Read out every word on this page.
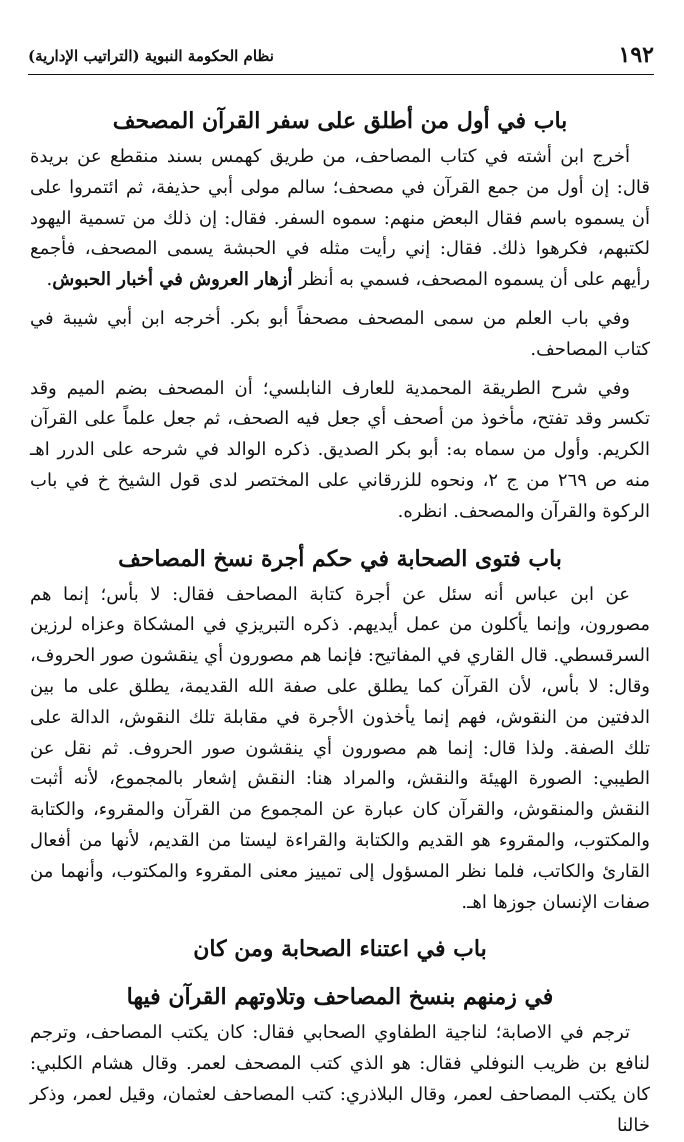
١٩٢
نظام الحكومة النبوية (التراتيب الإدارية)
باب في أول من أطلق على سفر القرآن المصحف

أخرج ابن أشته في كتاب المصاحف، من طريق كهمس بسند منقطع عن بريدة قال: إن أول من جمع القرآن في مصحف؛ سالم مولى أبي حذيفة، ثم ائتمروا على أن يسموه باسم فقال البعض منهم: سموه السفر. فقال: إن ذلك من تسمية اليهود لكتبهم، فكرهوا ذلك. فقال: إني رأيت مثله في الحبشة يسمى المصحف، فأجمع رأيهم على أن يسموه المصحف، فسمي به أنظر أزهار العروش في أخبار الحبوش.

وفي باب العلم من سمى المصحف مصحفاً أبو بكر. أخرجه ابن أبي شيبة في كتاب المصاحف.

وفي شرح الطريقة المحمدية للعارف النابلسي؛ أن المصحف بضم الميم وقد تكسر وقد تفتح، مأخوذ من أصحف أي جعل فيه الصحف، ثم جعل علماً على القرآن الكريم. وأول من سماه به: أبو بكر الصديق. ذكره الوالد في شرحه على الدرر اهـ منه ص ٢٦٩ من ج ٢، ونحوه للزرقاني على المختصر لدى قول الشيخ خ في باب الركوة والقرآن والمصحف. انظره.

باب فتوى الصحابة في حكم أجرة نسخ المصاحف

عن ابن عباس أنه سئل عن أجرة كتابة المصاحف فقال: لا بأس؛ إنما هم مصورون، وإنما يأكلون من عمل أيديهم. ذكره التبريزي في المشكاة وعزاه لرزين السرقسطي. قال القاري في المفاتيح: فإنما هم مصورون أي ينقشون صور الحروف، وقال: لا بأس، لأن القرآن كما يطلق على صفة الله القديمة، يطلق على ما بين الدفتين من النقوش، فهم إنما يأخذون الأجرة في مقابلة تلك النقوش، الدالة على تلك الصفة. ولذا قال: إنما هم مصورون أي ينقشون صور الحروف. ثم نقل عن الطيبي: الصورة الهيئة والنقش، والمراد هنا: النقش إشعار بالمجموع، لأنه أثبت النقش والمنقوش، والقرآن كان عبارة عن المجموع من القرآن والمقروء، والكتابة والمكتوب، والمقروء هو القديم والكتابة والقراءة ليستا من القديم، لأنها من أفعال القارئ والكاتب، فلما نظر المسؤول إلى تمييز معنى المقروء والمكتوب، وأنهما من صفات الإنسان جوزها اهـ.

باب في اعتناء الصحابة ومن كان
في زمنهم بنسخ المصاحف وتلاوتهم القرآن فيها

ترجم في الاصابة؛ لناجية الطفاوي الصحابي فقال: كان يكتب المصاحف، وترجم لنافع بن ظريب النوفلي فقال: هو الذي كتب المصحف لعمر. وقال هشام الكلبي: كان يكتب المصاحف لعمر، وقال البلاذري: كتب المصاحف لعثمان، وقيل لعمر، وذكر خالنا
